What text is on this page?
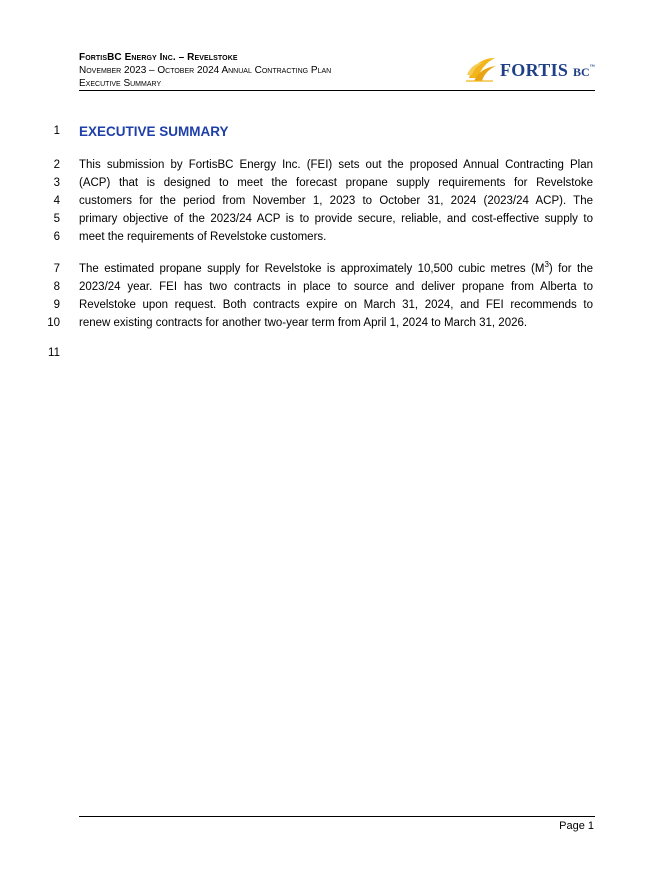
FortisBC Energy Inc. – Revelstoke
November 2023 – October 2024 Annual Contracting Plan
Executive Summary
FORTIS BC™
1
2
3
4
5
6
7
8
9
10
11
EXECUTIVE SUMMARY
This submission by FortisBC Energy Inc. (FEI) sets out the proposed Annual Contracting Plan
(ACP) that is designed to meet the forecast propane supply requirements for Revelstoke
customers for the period from November 1, 2023 to October 31, 2024 (2023/24 ACP). The
primary objective of the 2023/24 ACP is to provide secure, reliable, and cost-effective supply to
meet the requirements of Revelstoke customers.
The estimated propane supply for Revelstoke is approximately 10,500 cubic metres $(M^3)$ for the
2023/24 year. FEI has two contracts in place to source and deliver propane from Alberta to
Revelstoke upon request. Both contracts expire on March 31, 2024, and FEI recommends to
renew existing contracts for another two-year term from April 1, 2024 to March 31, 2026.
Page 1
